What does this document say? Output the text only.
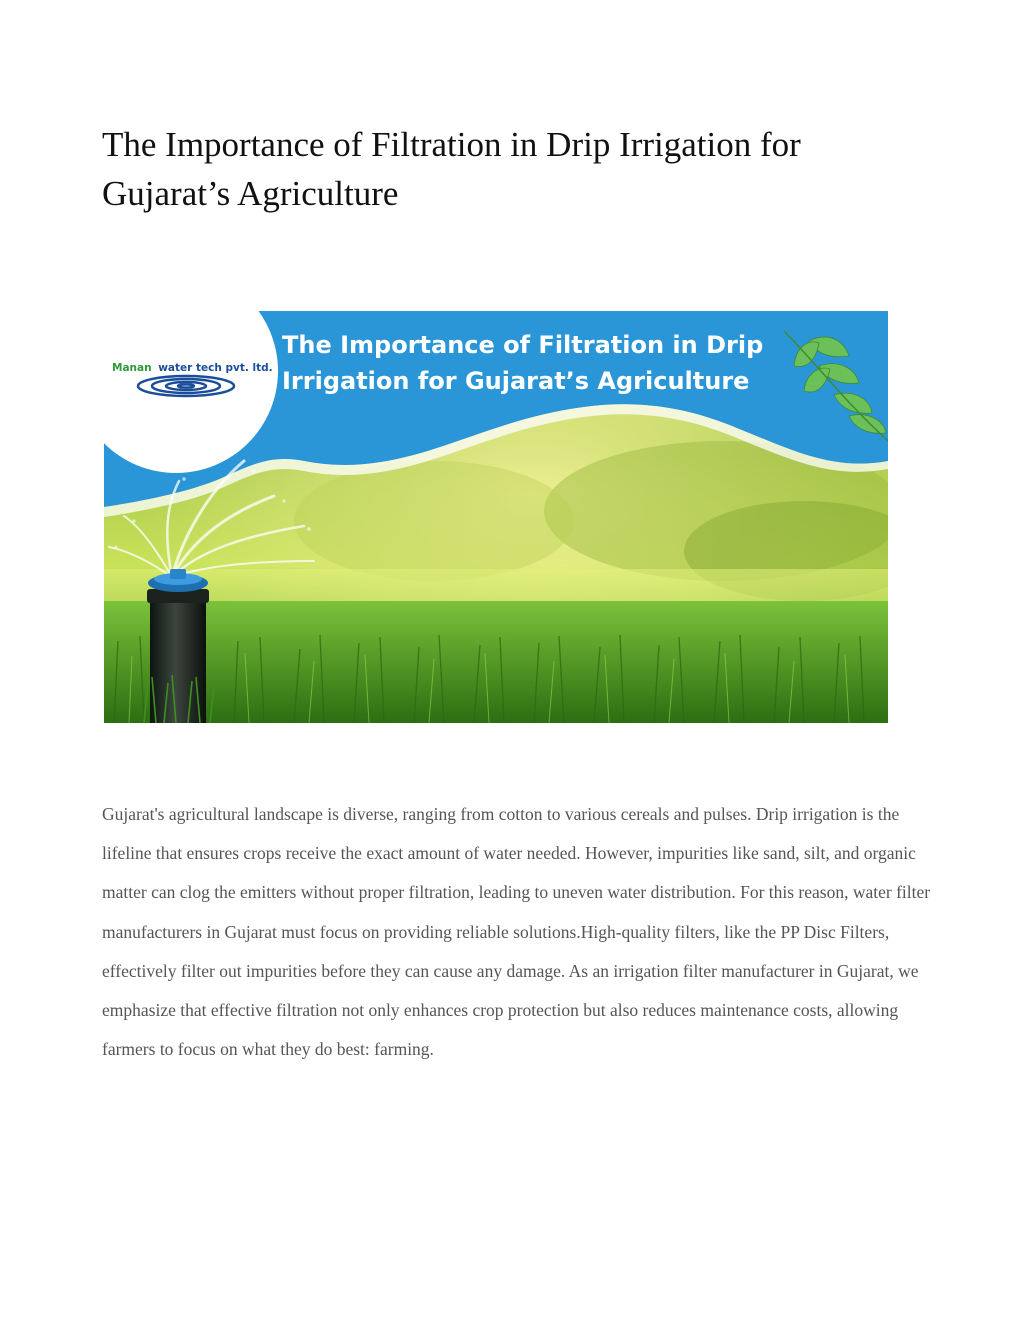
The Importance of Filtration in Drip Irrigation for Gujarat’s Agriculture
Manan water tech pvt. ltd.
The Importance of Filtration in Drip
Irrigation for Gujarat’s Agriculture

Gujarat's agricultural landscape is diverse, ranging from cotton to various cereals and pulses. Drip irrigation is the lifeline that ensures crops receive the exact amount of water needed. However, impurities like sand, silt, and organic matter can clog the emitters without proper filtration, leading to uneven water distribution. For this reason, water filter manufacturers in Gujarat must focus on providing reliable solutions.High-quality filters, like the PP Disc Filters, effectively filter out impurities before they can cause any damage. As an irrigation filter manufacturer in Gujarat, we emphasize that effective filtration not only enhances crop protection but also reduces maintenance costs, allowing farmers to focus on what they do best: farming.
